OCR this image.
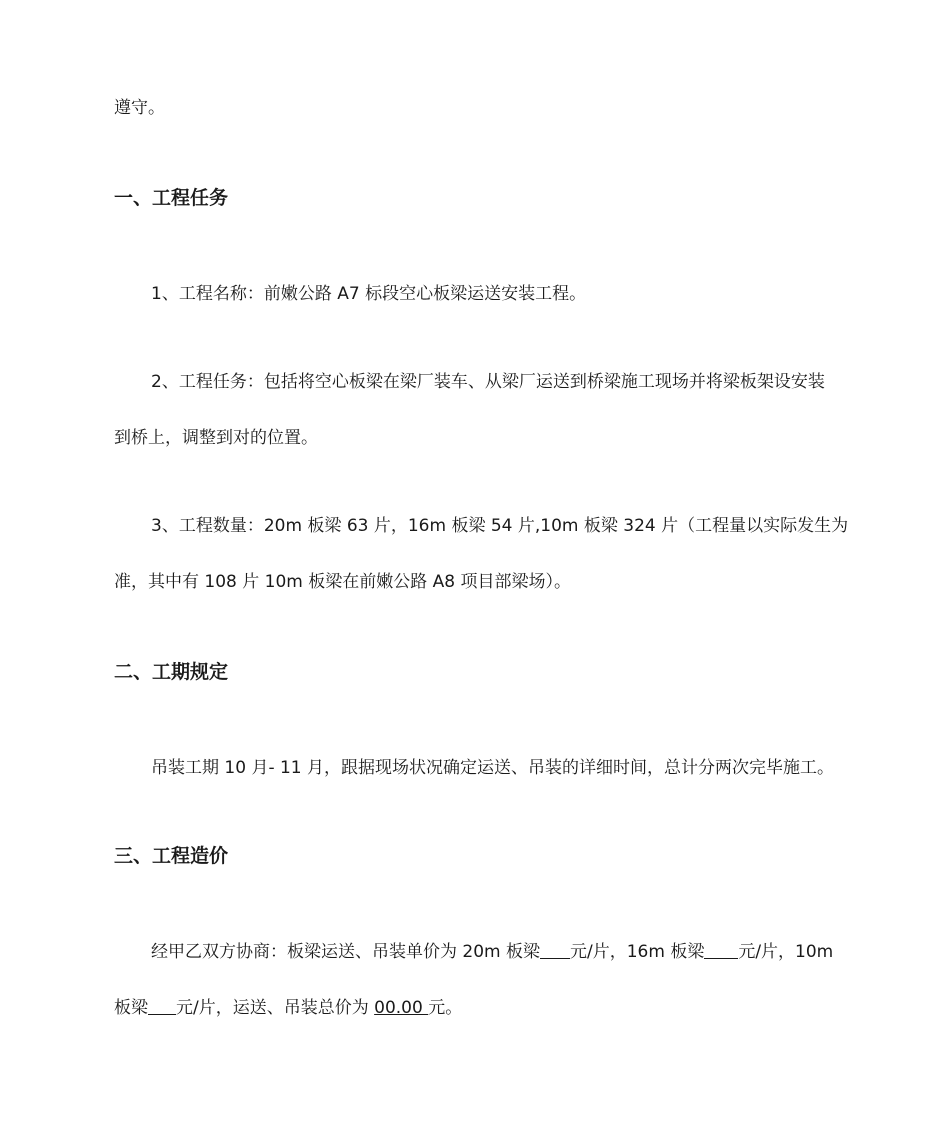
遵守。
一、工程任务
1、工程名称：前嫩公路 A7 标段空心板梁运送安装工程。
2、工程任务：包括将空心板梁在梁厂装车、从梁厂运送到桥梁施工现场并将梁板架设安装
到桥上，调整到对的位置。
3、工程数量：20m 板梁 63 片，16m 板梁 54 片,10m 板梁 324 片（工程量以实际发生为
准，其中有 108 片 10m 板梁在前嫩公路 A8 项目部梁场）。
二、工期规定
吊装工期 10 月- 11 月，跟据现场状况确定运送、吊装的详细时间，总计分两次完毕施工。
三、工程造价
经甲乙双方协商：板梁运送、吊装单价为 20m 板梁 元/片，16m 板梁 元/片，10m
板梁 元/片，运送、吊装总价为 00.00 元。
